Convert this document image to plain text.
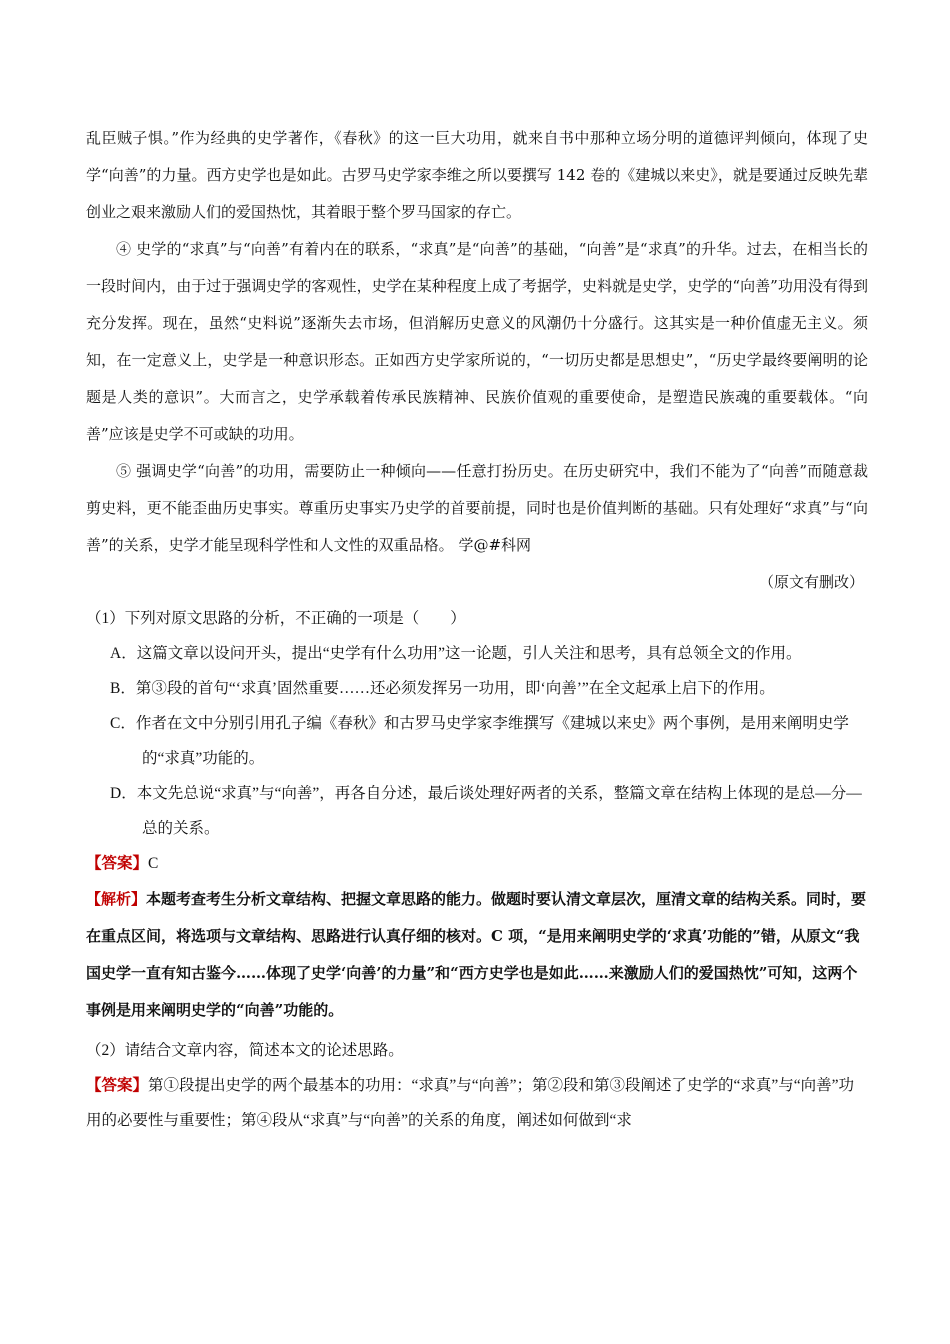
乱臣贼子惧。”作为经典的史学著作，《春秋》的这一巨大功用，就来自书中那种立场分明的道德评判倾向，体现了史学“向善”的力量。西方史学也是如此。古罗马史学家李维之所以要撰写 142 卷的《建城以来史》，就是要通过反映先辈创业之艰来激励人们的爱国热忱，其着眼于整个罗马国家的存亡。

④ 史学的“求真”与“向善”有着内在的联系，“求真”是“向善”的基础，“向善”是“求真”的升华。过去，在相当长的一段时间内，由于过于强调史学的客观性，史学在某种程度上成了考据学，史料就是史学，史学的“向善”功用没有得到充分发挥。现在，虽然“史料说”逐渐失去市场，但消解历史意义的风潮仍十分盛行。这其实是一种价值虚无主义。须知，在一定意义上，史学是一种意识形态。正如西方史学家所说的，“一切历史都是思想史”，“历史学最终要阐明的论题是人类的意识”。大而言之，史学承载着传承民族精神、民族价值观的重要使命，是塑造民族魂的重要载体。“向善”应该是史学不可或缺的功用。

⑤ 强调史学“向善”的功用，需要防止一种倾向——任意打扮历史。在历史研究中，我们不能为了“向善”而随意裁剪史料，更不能歪曲历史事实。尊重历史事实乃史学的首要前提，同时也是价值判断的基础。只有处理好“求真”与“向善”的关系，史学才能呈现科学性和人文性的双重品格。 学@#科网

（原文有删改）

（1）下列对原文思路的分析，不正确的一项是（　　）

A．这篇文章以设问开头，提出“史学有什么功用”这一论题，引人关注和思考，具有总领全文的作用。

B．第③段的首句“‘求真’固然重要……还必须发挥另一功用，即‘向善’”在全文起承上启下的作用。

C．作者在文中分别引用孔子编《春秋》和古罗马史学家李维撰写《建城以来史》两个事例，是用来阐明史学的“求真”功能的。

D．本文先总说“求真”与“向善”，再各自分述，最后谈处理好两者的关系，整篇文章在结构上体现的是总—分—总的关系。

【答案】C

【解析】本题考查考生分析文章结构、把握文章思路的能力。做题时要认清文章层次，厘清文章的结构关系。同时，要在重点区间，将选项与文章结构、思路进行认真仔细的核对。C 项，“是用来阐明史学的‘求真’功能的”错，从原文“我国史学一直有知古鉴今……体现了史学‘向善’的力量”和“西方史学也是如此……来激励人们的爱国热忱”可知，这两个事例是用来阐明史学的“向善”功能的。

（2）请结合文章内容，简述本文的论述思路。

【答案】第①段提出史学的两个最基本的功用：“求真”与“向善”；第②段和第③段阐述了史学的“求真”与“向善”功用的必要性与重要性；第④段从“求真”与“向善”的关系的角度，阐述如何做到“求
